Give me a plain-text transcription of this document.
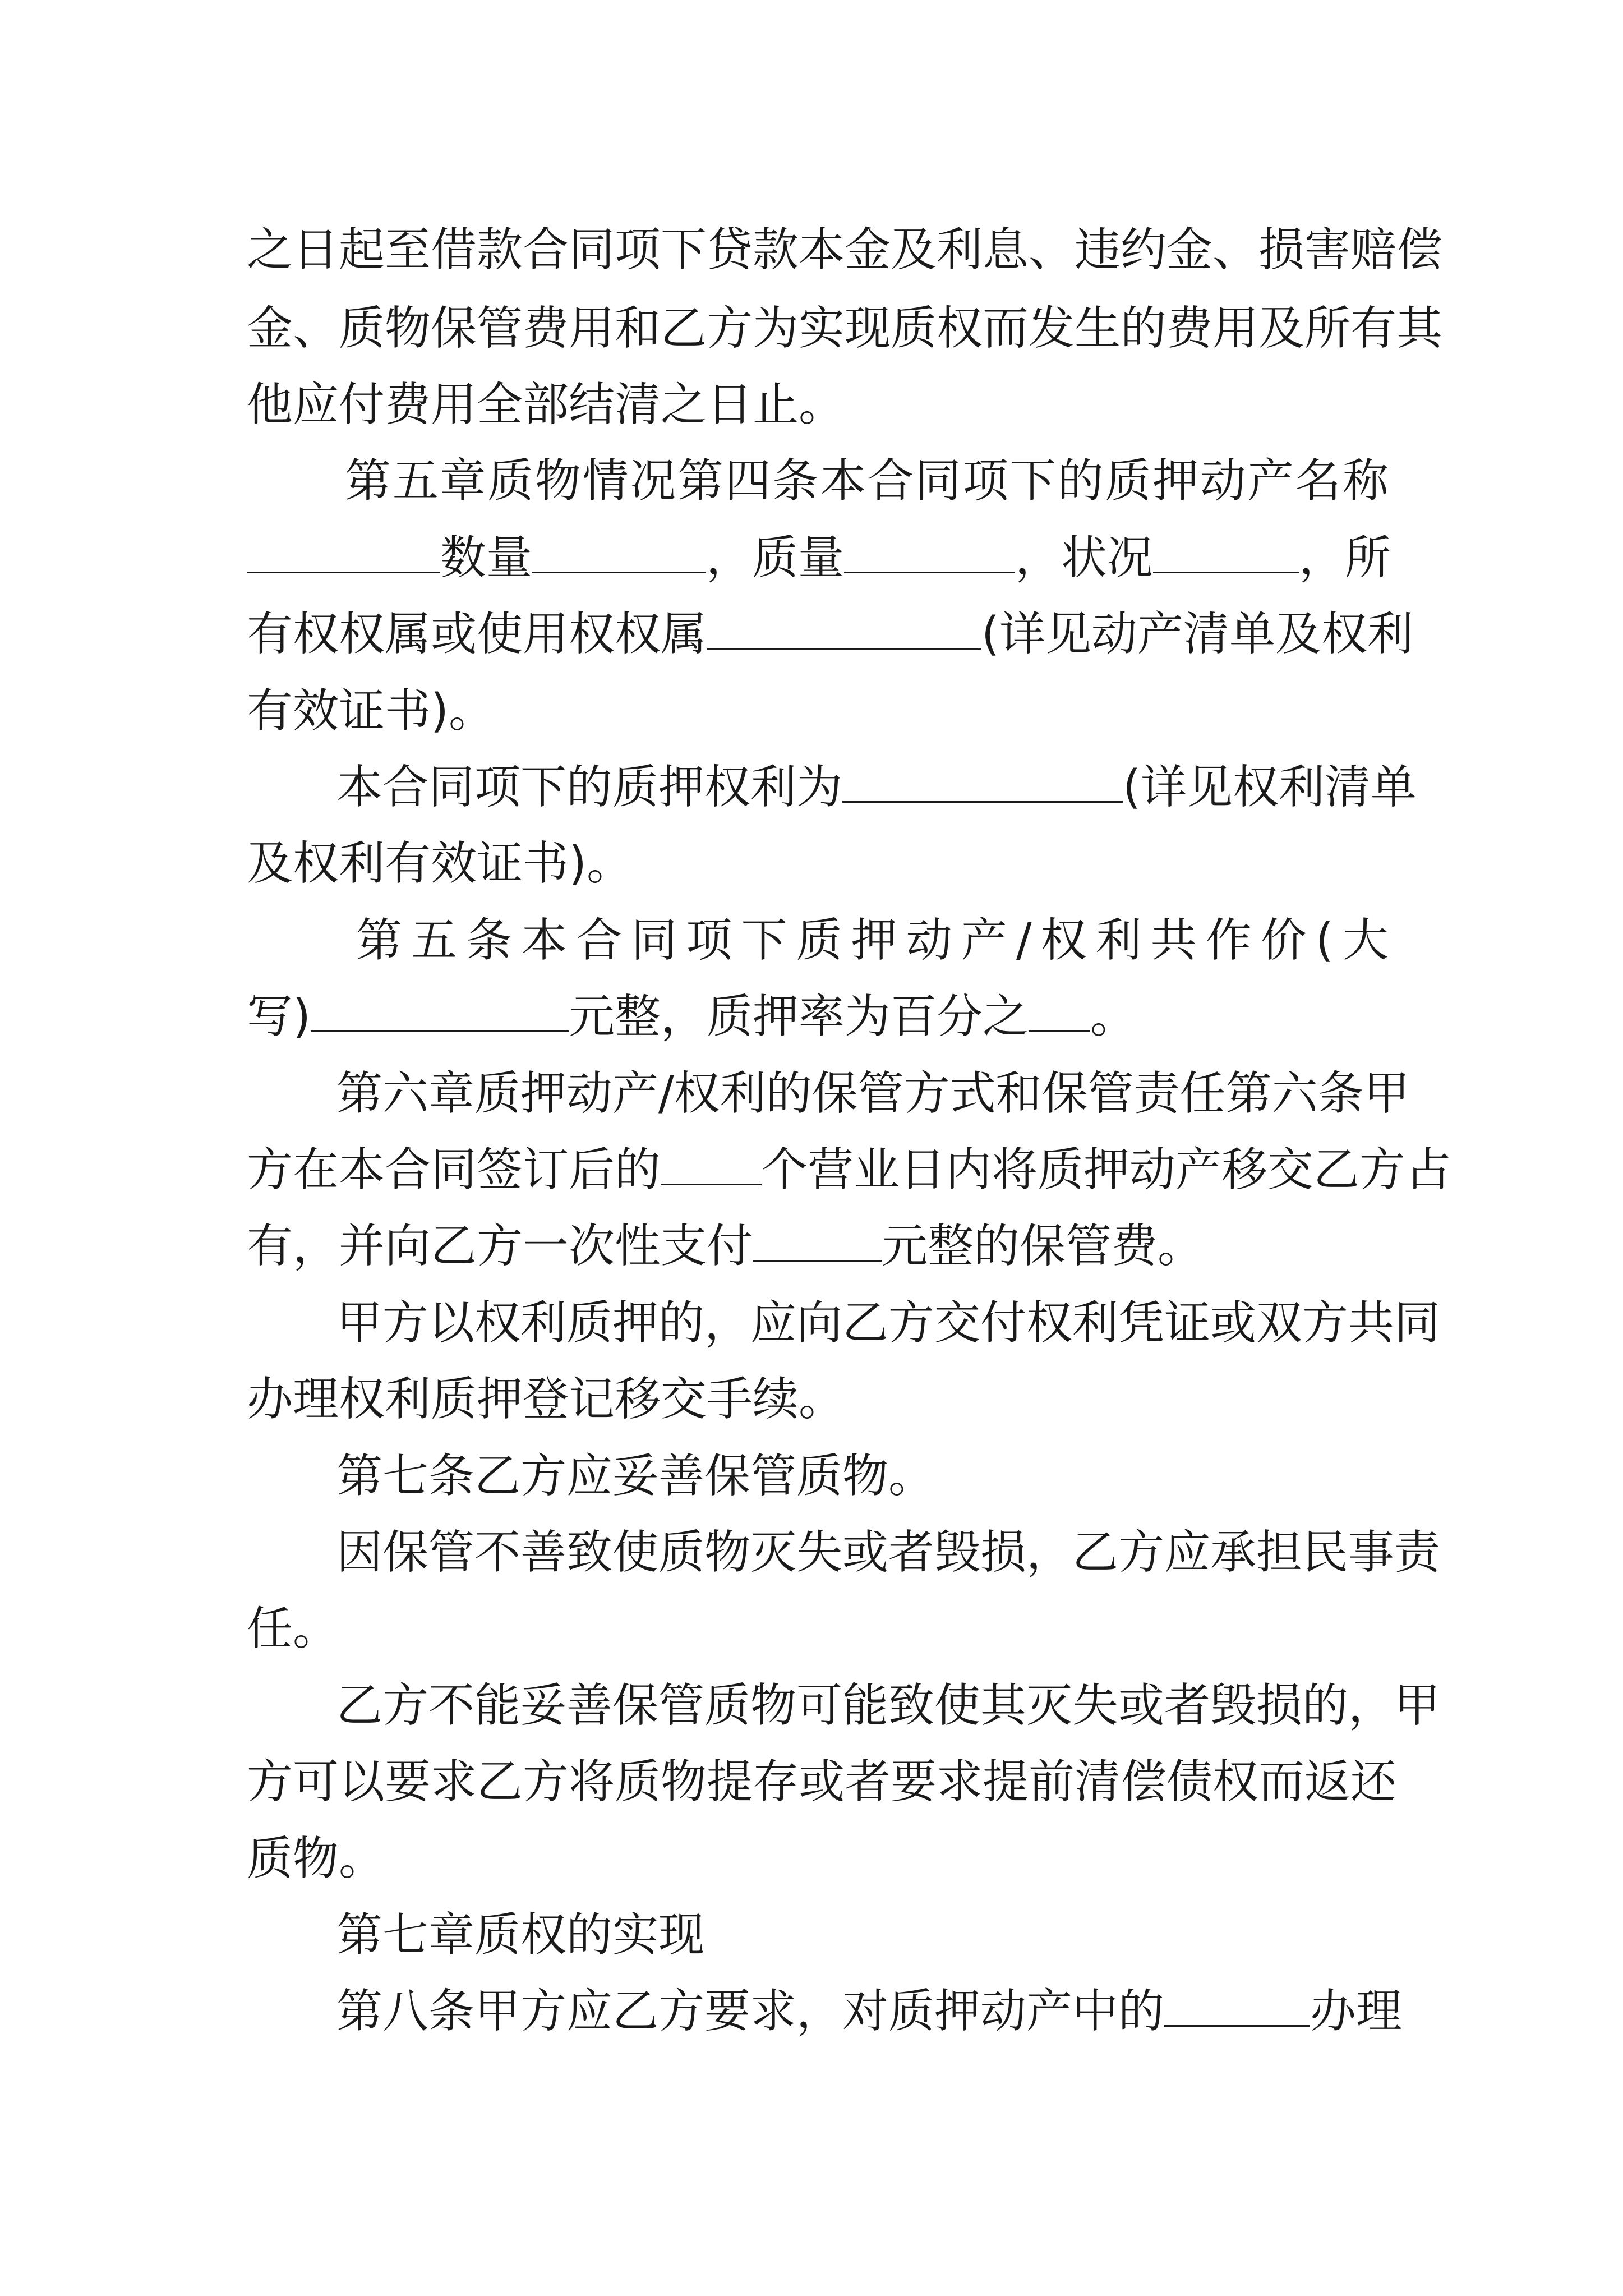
之日起至借款合同项下贷款本金及利息、违约金、损害赔偿

金、质物保管费用和乙方为实现质权而发生的费用及所有其

他应付费用全部结清之日止。

第五章质物情况第四条本合同项下的质押动产名称

数量	，质量	，状况	，所
有权权属或使用权权属	(详见动产清单及权利

有效证书)。

本合同项下的质押权利为	(详见权利清单

及权利有效证书)。

第五条本合同项下质押动产/权利共作价(大

写)	元整，质押率为百分之 。

第六章质押动产/权利的保管方式和保管责任第六条甲

方在本合同签订后的 个营业日内将质押动产移交乙方占
有，并向乙方一次性支付	元整的保管费。

甲方以权利质押的，应向乙方交付权利凭证或双方共同

办理权利质押登记移交手续。

第七条乙方应妥善保管质物。

因保管不善致使质物灭失或者毁损，乙方应承担民事责

任。

乙方不能妥善保管质物可能致使其灭失或者毁损的，甲

方可以要求乙方将质物提存或者要求提前清偿债权而返还

质物。

第七章质权的实现

第八条甲方应乙方要求，对质押动产中的	办理
